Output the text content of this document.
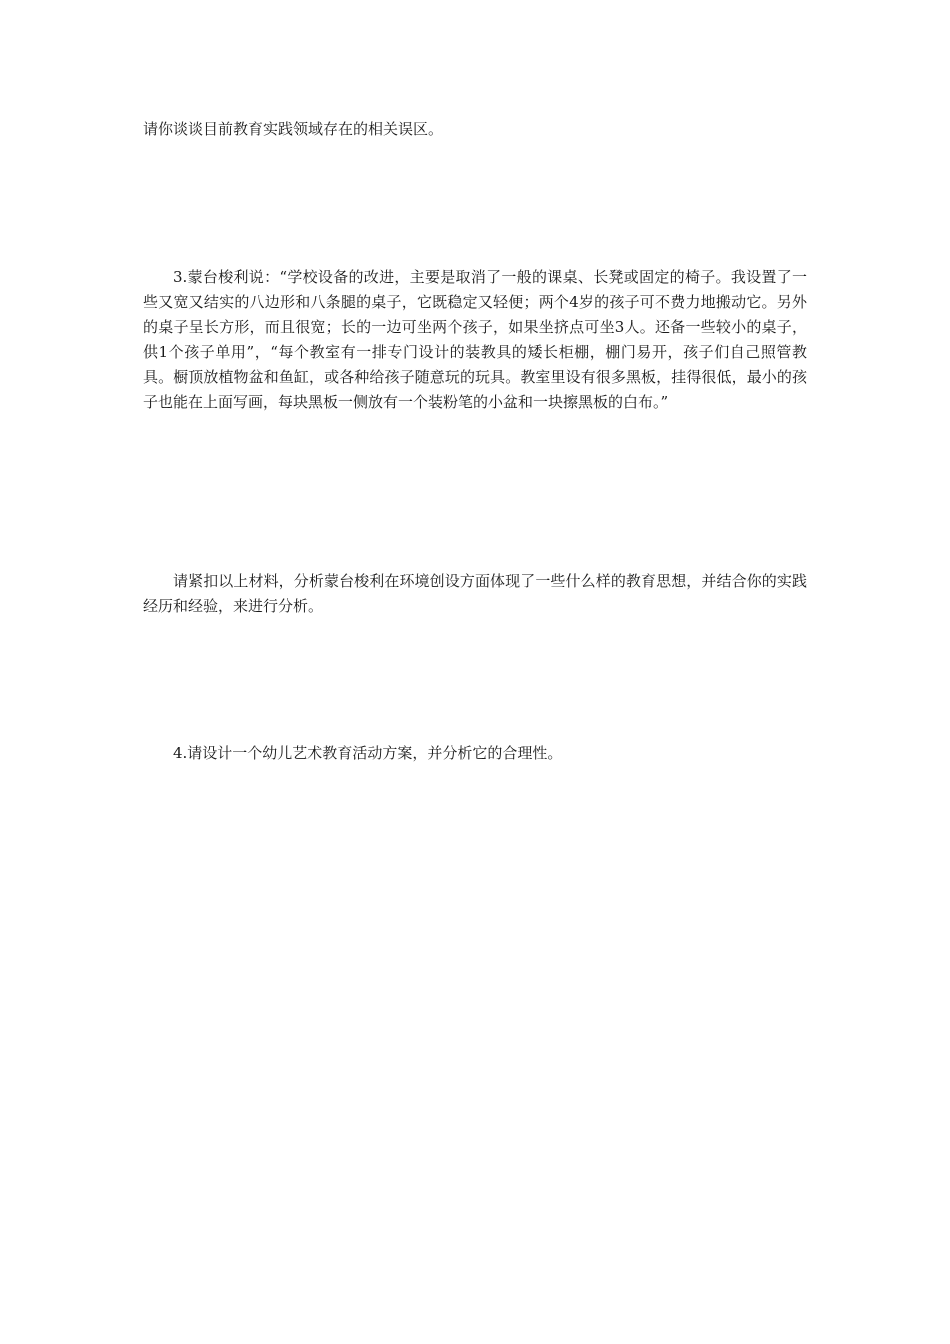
请你谈谈目前教育实践领域存在的相关误区。

3.蒙台梭利说：“学校设备的改进，主要是取消了一般的课桌、长凳或固定的椅子。我设置了一些又宽又结实的八边形和八条腿的桌子，它既稳定又轻便；两个4岁的孩子可不费力地搬动它。另外的桌子呈长方形，而且很宽；长的一边可坐两个孩子，如果坐挤点可坐3人。还备一些较小的桌子，供1个孩子单用”，“每个教室有一排专门设计的装教具的矮长柜棚，棚门易开，孩子们自己照管教具。橱顶放植物盆和鱼缸，或各种给孩子随意玩的玩具。教室里设有很多黑板，挂得很低，最小的孩子也能在上面写画，每块黑板一侧放有一个装粉笔的小盆和一块擦黑板的白布。”

请紧扣以上材料，分析蒙台梭利在环境创设方面体现了一些什么样的教育思想，并结合你的实践经历和经验，来进行分析。

4.请设计一个幼儿艺术教育活动方案，并分析它的合理性。
